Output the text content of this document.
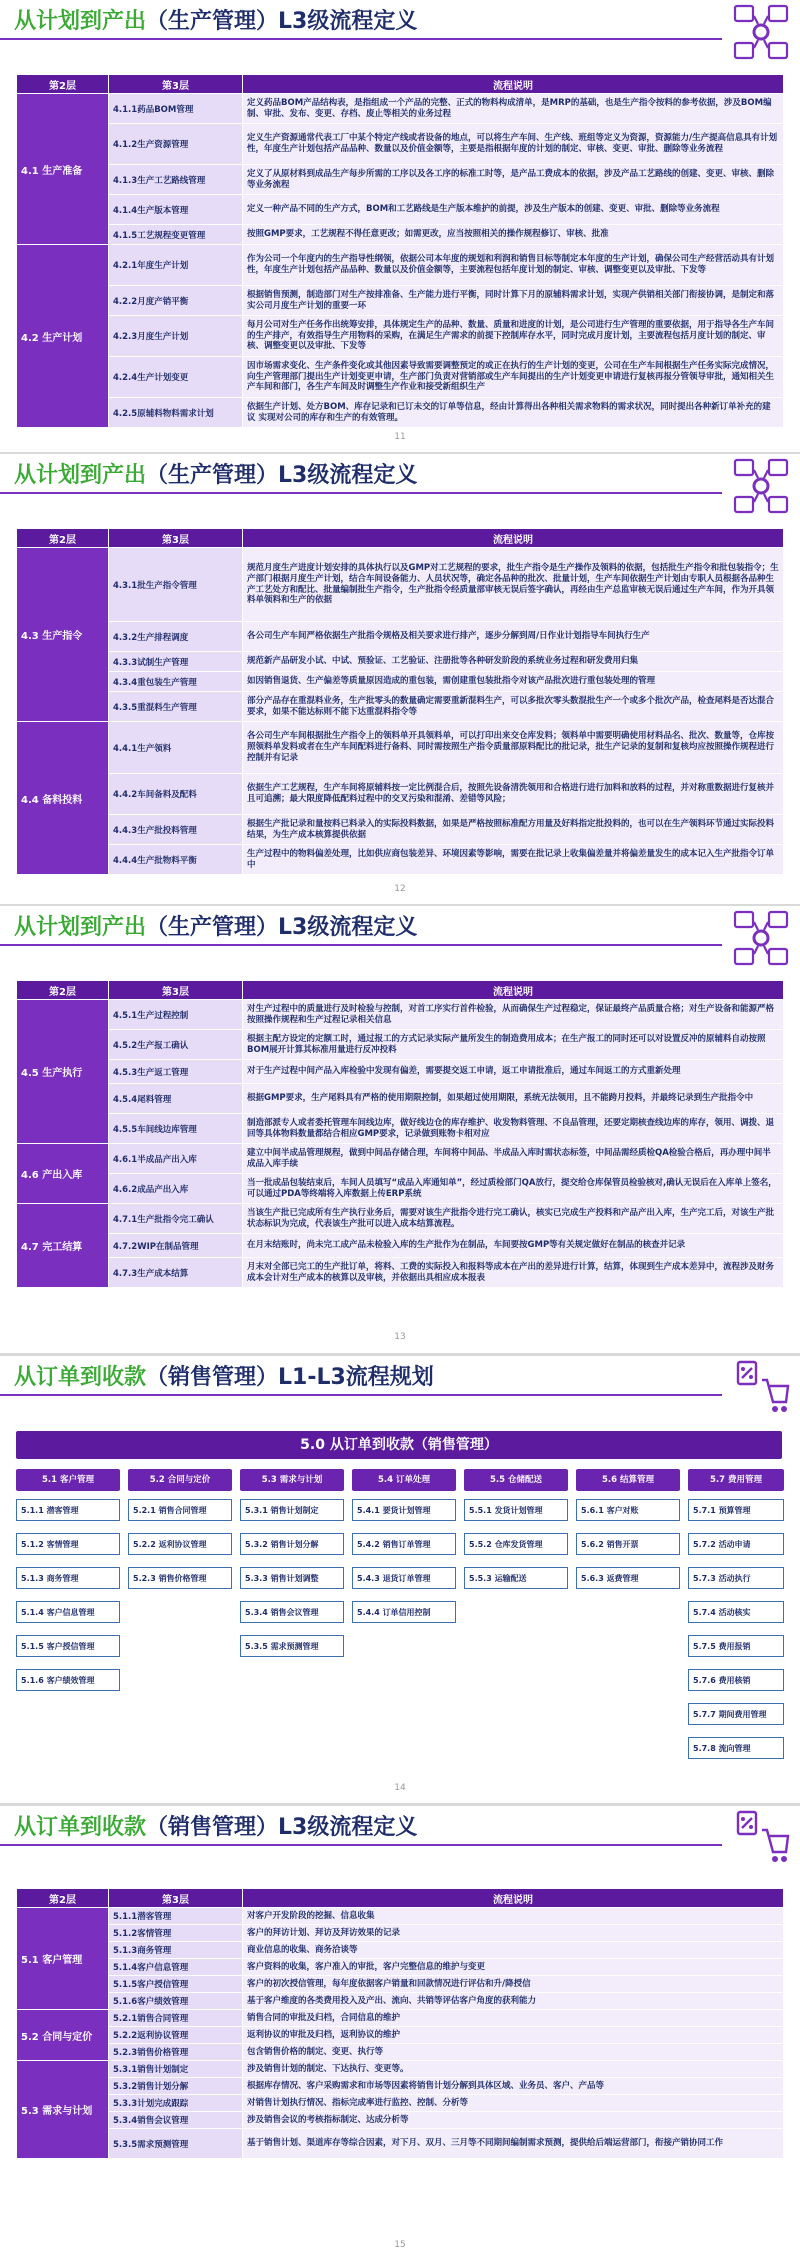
从计划到产出（生产管理）L3级流程定义
第2层	第3层	流程说明
4.1 生产准备	4.1.1药品BOM管理	定义药品BOM产品结构表，是指组成一个产品的完整、正式的物料构成清单，是MRP的基础，也是生产指令按料的参考依据，涉及BOM编制、审批、发布、变更、存档、废止等相关的业务过程
	4.1.2生产资源管理	定义生产资源通常代表工厂中某个特定产线或者设备的地点，可以将生产车间、生产线、班组等定义为资源，资源能力/生产提高信息具有计划性，年度生产计划包括产品品种、数量以及价值金额等，主要是指根据年度的计划的制定、审核、变更、审批、删除等业务流程
	4.1.3生产工艺路线管理	定义了从原材料到成品生产每步所需的工序以及各工序的标准工时等，是产品工费成本的依据，涉及产品工艺路线的创建、变更、审核、删除等业务流程
	4.1.4生产版本管理	定义一种产品不同的生产方式，BOM和工艺路线是生产版本维护的前提，涉及生产版本的创建、变更、审批、删除等业务流程
	4.1.5工艺规程变更管理	按照GMP要求，工艺规程不得任意更改；如需更改，应当按照相关的操作规程修订、审核、批准
4.2 生产计划	4.2.1年度生产计划	作为公司一个年度内的生产指导性纲领，依据公司本年度的规划和利润和销售目标等制定本年度的生产计划，确保公司生产经营活动具有计划性，年度生产计划包括产品品种、数量以及价值金额等，主要流程包括年度计划的制定、审核、调整变更以及审批、下发等
	4.2.2月度产销平衡	根据销售预测，制造部门对生产按排准备、生产能力进行平衡，同时计算下月的原辅料需求计划，实现产供销相关部门衔接协调，是制定和落实公司月度生产计划的重要一环
	4.2.3月度生产计划	每月公司对生产任务作出统筹安排，具体规定生产的品种、数量、质量和进度的计划，是公司进行生产管理的重要依据，用于指导各生产车间的生产排产，有效指导生产用物料的采购，在满足生产需求的前提下控制库存水平，同时完成月度计划，主要流程包括月度计划的制定、审核、调整变更以及审批、下发等
	4.2.4生产计划变更	因市场需求变化、生产条件变化或其他因素导致需要调整预定的或正在执行的生产计划的变更，公司在生产车间根据生产任务实际完成情况，向生产管理部门提出生产计划变更申请，生产部门负责对营销部或生产车间提出的生产计划变更申请进行复核再报分管领导审批，通知相关生产车间和部门，各生产车间及时调整生产作业和接受新组织生产
	4.2.5原辅料物料需求计划	依据生产计划、处方BOM、库存记录和已订未交的订单等信息，经由计算得出各种相关需求物料的需求状况，同时提出各种新订单补充的建议 实现对公司的库存和生产的有效管理。
11
从计划到产出（生产管理）L3级流程定义
第2层	第3层	流程说明
4.3 生产指令	4.3.1批生产指令管理	规范月度生产进度计划安排的具体执行以及GMP对工艺规程的要求，批生产指令是生产操作及领料的依据，包括批生产指令和批包装指令；生产部门根据月度生产计划，结合车间设备能力、人员状况等，确定各品种的批次、批量计划，生产车间依据生产计划由专职人员根据各品种生产工艺处方和配比、批量编制批生产指令，生产批指令经质量部审核无误后签字确认，再经由生产总监审核无误后通过生产车间，作为开具领料单领料和生产的依据
	4.3.2生产排程调度	各公司生产车间严格依据生产批指令规格及相关要求进行排产，逐步分解到周/日作业计划指导车间执行生产
	4.3.3试制生产管理	规范新产品研发小试、中试、预验证、工艺验证、注册批等各种研发阶段的系统业务过程和研发费用归集
	4.3.4重包装生产管理	如因销售退货、生产偏差等质量原因造成的重包装，需创建重包装批指令对该产品批次进行重包装处理的管理
	4.3.5重混料生产管理	部分产品存在重混料业务，生产批零头的数量确定需要重新混料生产，可以多批次零头数混批生产一个或多个批次产品，检查尾料是否达混合要求，如果不能达标则不能下达重混料指令等
4.4 备料投料	4.4.1生产领料	各公司生产车间根据批生产指令上的领料单开具领料单，可以打印出来交仓库发料；领料单中需要明确使用材料品名、批次、数量等，仓库按照领料单发料或者在生产车间配料进行备料、同时需按照生产指令质量部原料配比的批记录，批生产记录的复制和复核均应按照操作规程进行控制并有记录
	4.4.2车间备料及配料	依据生产工艺规程，生产车间将原辅料按一定比例混合后，按照先设备清洗领用和合格进行进行加料和放料的过程，并对称重数据进行复核并且可追溯；最大限度降低配料过程中的交叉污染和混淆、差错等风险；
	4.4.3生产批投料管理	根据生产批记录和量按料已料录入的实际投料数据，如果是严格按照标准配方用量及好料指定批投料的，也可以在生产领料环节通过实际投料结果，为生产成本核算提供依据
	4.4.4生产批物料平衡	生产过程中的物料偏差处理，比如供应商包装差异、环境因素等影响，需要在批记录上收集偏差量并将偏差量发生的成本记入生产批指令订单中
12
从计划到产出（生产管理）L3级流程定义
第2层	第3层	流程说明
4.5 生产执行	4.5.1生产过程控制	对生产过程中的质量进行及时检验与控制，对首工序实行首件检验，从而确保生产过程稳定，保证最终产品质量合格；对生产设备和能源严格按照操作规程和生产过程记录相关信息
	4.5.2生产报工确认	根据主配方设定的定额工时，通过报工的方式记录实际产量所发生的制造费用成本；在生产报工的同时还可以对设置反冲的原辅料自动按照BOM展开计算其标准用量进行反冲投料
	4.5.3生产返工管理	对于生产过程中间产品入库检验中发现有偏差，需要提交返工申请，返工申请批准后，通过车间返工的方式重新处理
	4.5.4尾料管理	根据GMP要求，生产尾料具有严格的使用期限控制，如果超过使用期限，系统无法领用，且不能跨月投料，并最终记录到生产批指令中
	4.5.5车间线边库管理	制造部派专人或者委托管理车间线边库，做好线边仓的库存维护、收发物料管理、不良品管理，还要定期核查线边库的库存，领用、调拨、退回等具体物料数量都结合相应GMP要求，记录做到账物卡相对应
4.6 产出入库	4.6.1半成品产出入库	建立中间半成品管理规程，做到中间品存储合理，车间将中间品、半成品入库时需状态标签，中间品需经质检QA检验合格后，再办理中间半成品入库手续
	4.6.2成品产出入库	当一批成品包装结束后，车间人员填写“成品入库通知单”，经过质检部门QA放行，提交给仓库保管员检验核对,确认无误后在入库单上签名，可以通过PDA等终端将入库数据上传ERP系统
4.7 完工结算	4.7.1生产批指令完工确认	当该生产批已完成所有生产执行业务后，需要对该生产批指令进行完工确认，核实已完成生产投料和产品产出入库，生产完工后，对该生产批状态标识为完成，代表该生产批可以进入成本结算流程。
	4.7.2WIP在制品管理	在月末结账时，尚未完工成产品未检验入库的生产批作为在制品，车间要按GMP等有关规定做好在制品的核查并记录
	4.7.3生产成本结算	月末对全部已完工的生产批订单，将料、工费的实际投入和报料等成本在产出的差异进行计算，结算，体现到生产成本差异中，流程涉及财务成本会计对生产成本的核算以及审核，并依据出具相应成本报表
13
从订单到收款（销售管理）L1-L3流程规划
5.0 从订单到收款（销售管理）
5.1 客户管理
5.1.1 潜客管理
5.1.2 客情管理
5.1.3 商务管理
5.1.4 客户信息管理
5.1.5 客户授信管理
5.1.6 客户绩效管理
5.2 合同与定价
5.2.1 销售合同管理
5.2.2 返利协议管理
5.2.3 销售价格管理
5.3 需求与计划
5.3.1 销售计划制定
5.3.2 销售计划分解
5.3.3 销售计划调整
5.3.4 销售会议管理
5.3.5 需求预测管理
5.4 订单处理
5.4.1 要货计划管理
5.4.2 销售订单管理
5.4.3 退货订单管理
5.4.4 订单信用控制
5.5 仓储配送
5.5.1 发货计划管理
5.5.2 仓库发货管理
5.5.3 运输配送
5.6 结算管理
5.6.1 客户对账
5.6.2 销售开票
5.6.3 返费管理
5.7 费用管理
5.7.1 预算管理
5.7.2 活动申请
5.7.3 活动执行
5.7.4 活动核实
5.7.5 费用报销
5.7.6 费用核销
5.7.7 期间费用管理
5.7.8 流向管理
14
从订单到收款（销售管理）L3级流程定义
第2层	第3层	流程说明
5.1 客户管理	5.1.1潜客管理	对客户开发阶段的挖掘、信息收集
	5.1.2客情管理	客户的拜访计划、拜访及拜访效果的记录
	5.1.3商务管理	商业信息的收集、商务洽谈等
	5.1.4客户信息管理	客户资料的收集，客户准入的审批，客户完整信息的维护与变更
	5.1.5客户授信管理	客户的初次授信管理，每年度依据客户销量和回款情况进行评估和升/降授信
	5.1.6客户绩效管理	基于客户维度的各类费用投入及产出、流向、共销等评估客户角度的获利能力
5.2 合同与定价	5.2.1销售合同管理	销售合同的审批及归档，合同信息的维护
	5.2.2返利协议管理	返利协议的审批及归档，返利协议的维护
	5.2.3销售价格管理	包含销售价格的制定、变更、执行等
5.3 需求与计划	5.3.1销售计划制定	涉及销售计划的制定、下达执行、变更等。
	5.3.2销售计划分解	根据库存情况、客户采购需求和市场等因素将销售计划分解到具体区域、业务员、客户、产品等
	5.3.3计划完成跟踪	对销售计划执行情况、指标完成率进行监控、控制、分析等
	5.3.4销售会议管理	涉及销售会议的考核指标制定、达成分析等
	5.3.5需求预测管理	基于销售计划、渠道库存等综合因素，对下月、双月、三月等不同期间编制需求预测，提供给后端运营部门，衔接产销协同工作
15
